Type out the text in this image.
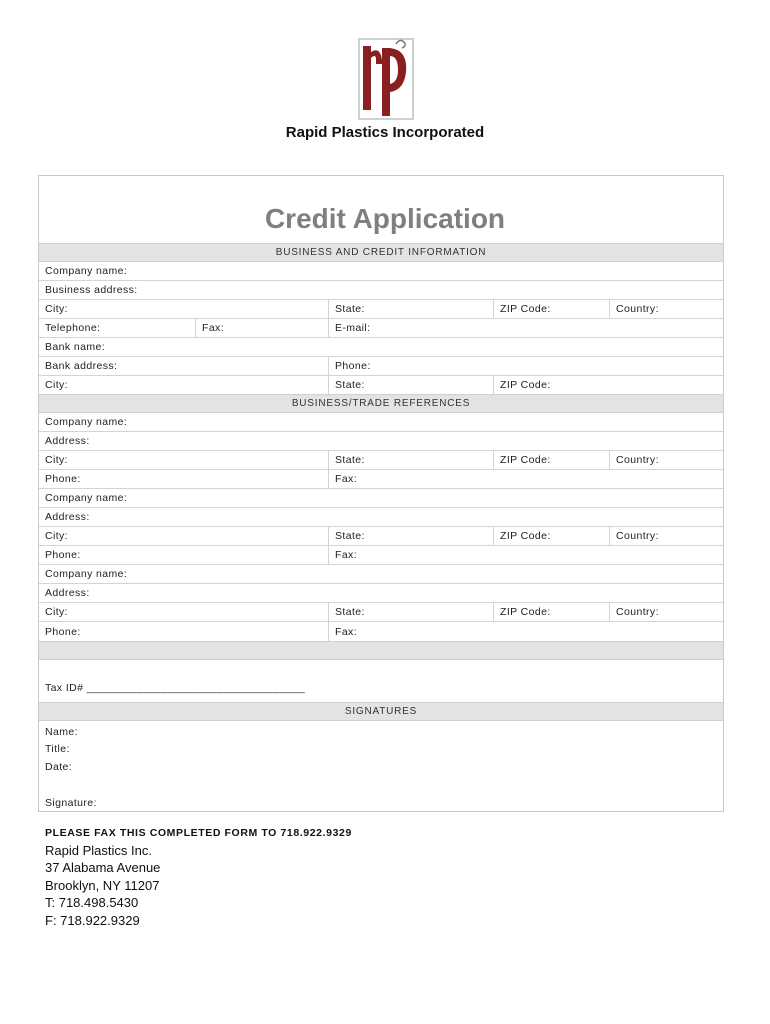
Rapid Plastics Incorporated
Credit Application
BUSINESS AND CREDIT INFORMATION
Company name:
Business address:
City:	State:	ZIP Code:	Country:
Telephone:	Fax:	E-mail:
Bank name:
Bank address:	Phone:
City:	State:	ZIP Code:
BUSINESS/TRADE REFERENCES
Company name:
Address:
City:	State:	ZIP Code:	Country:
Phone:	Fax:
Company name:
Address:
City:	State:	ZIP Code:	Country:
Phone:	Fax:
Company name:
Address:
City:	State:	ZIP Code:	Country:
Phone:	Fax:
Tax ID# ___________________________________
SIGNATURES
Name:
Title:
Date:
Signature:
PLEASE FAX THIS COMPLETED FORM TO 718.922.9329
Rapid Plastics Inc.
37 Alabama Avenue
Brooklyn, NY 11207
T: 718.498.5430
F: 718.922.9329
